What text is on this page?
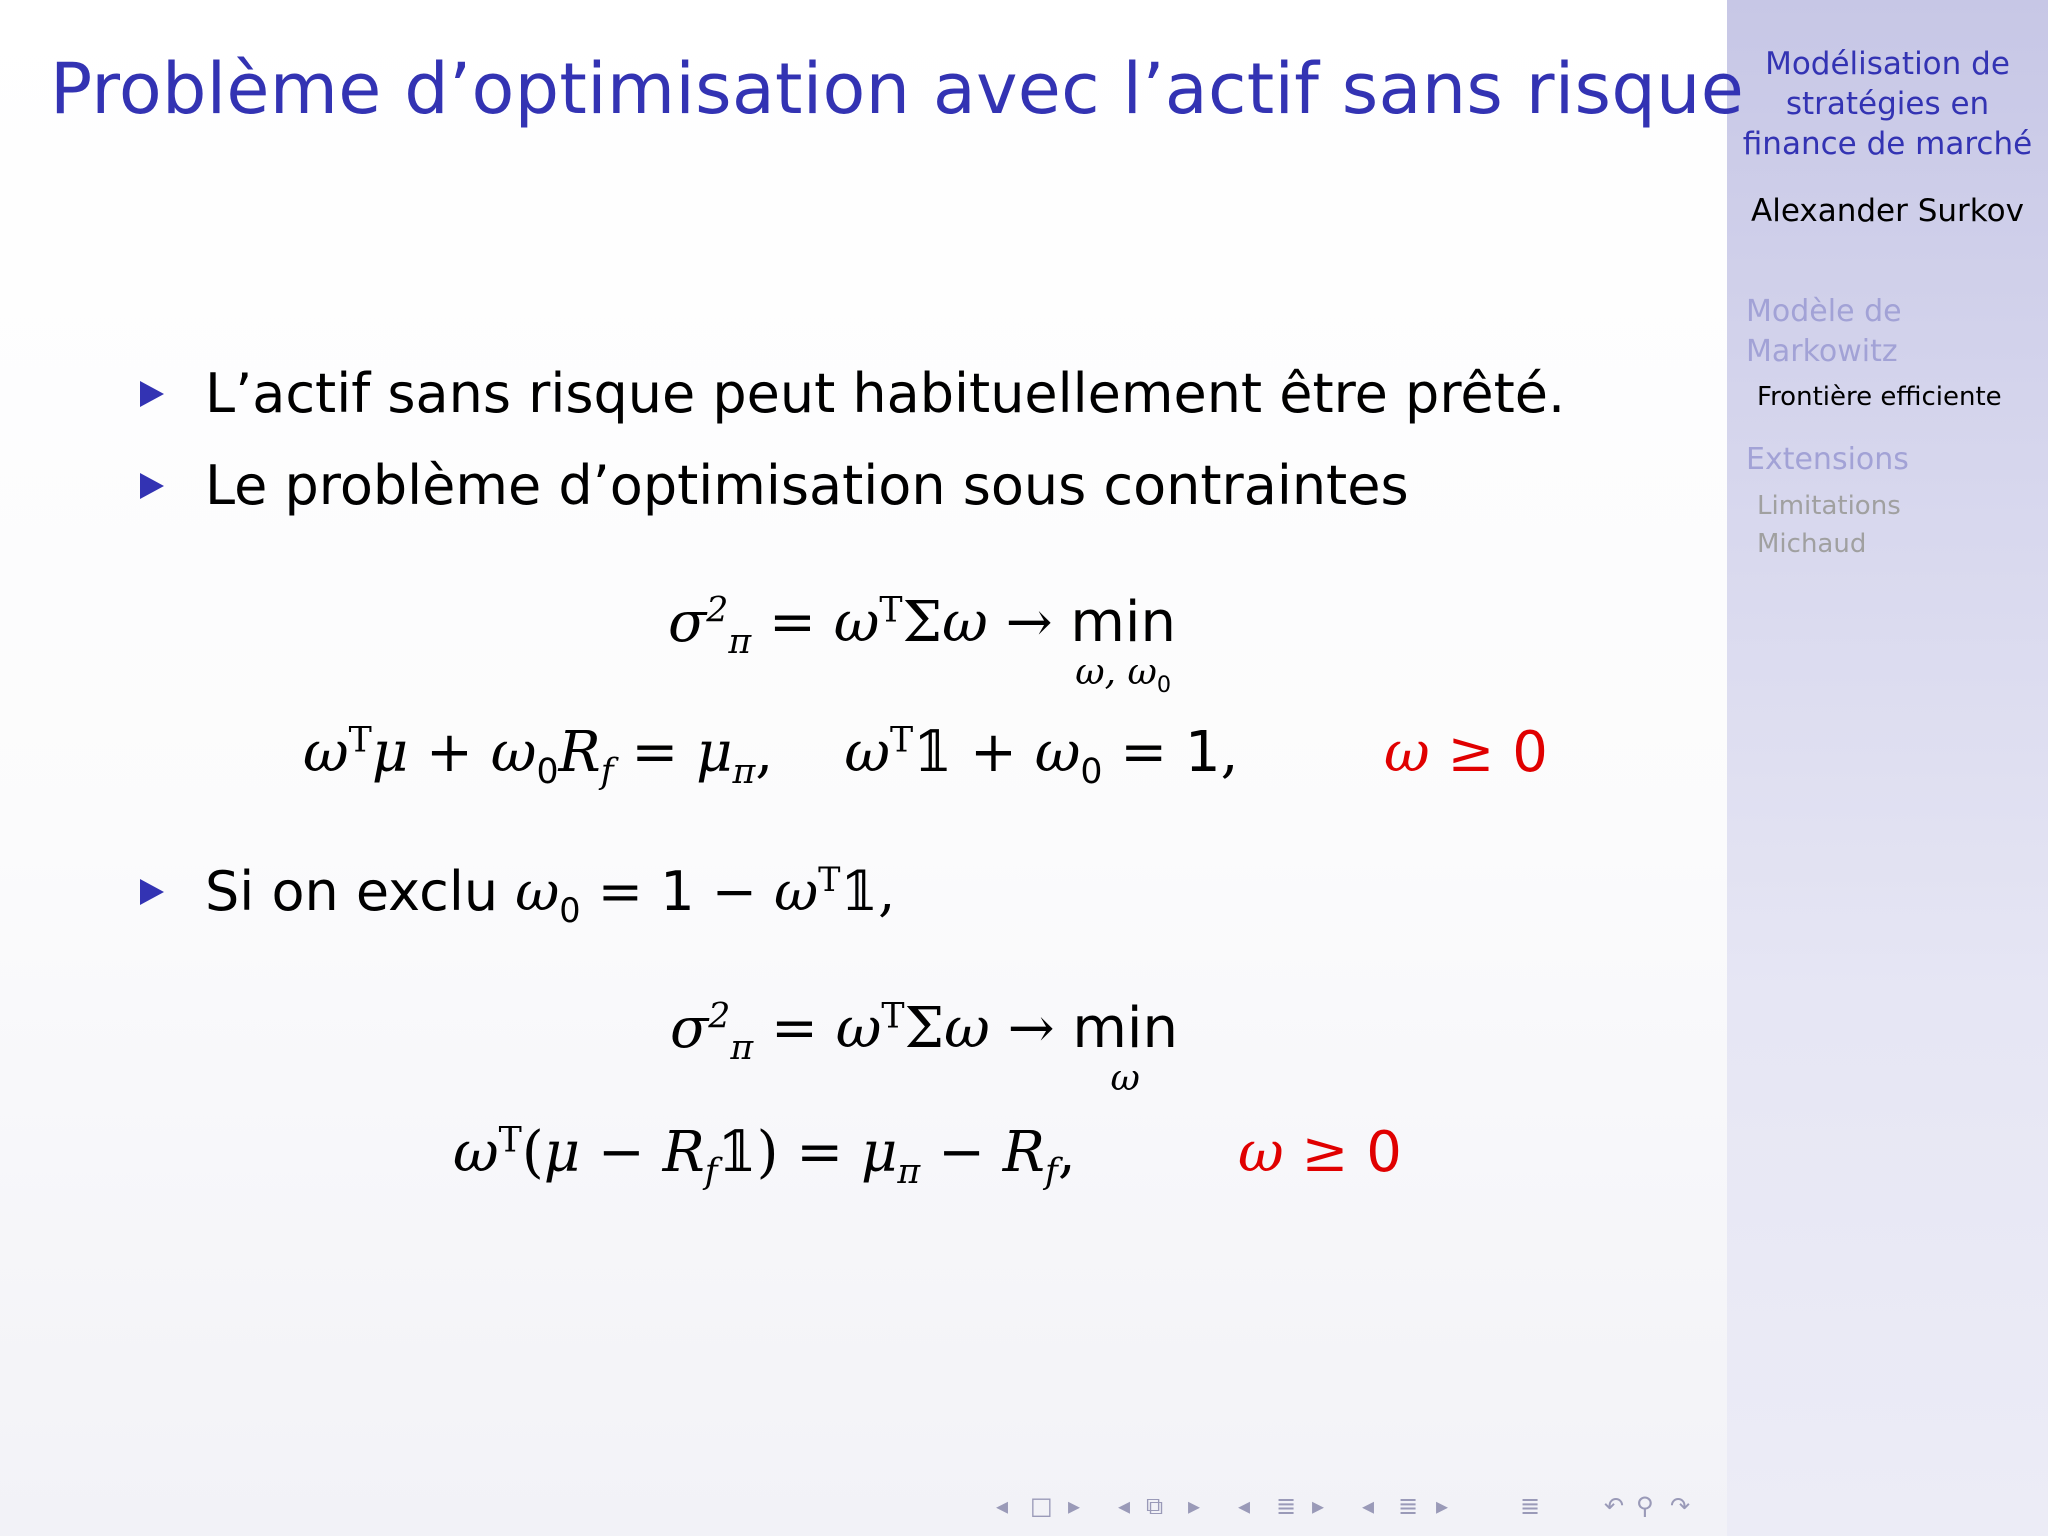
Problème d’optimisation avec l’actif sans risque
L’actif sans risque peut habituellement être prêté.
Le problème d’optimisation sous contraintes
$\sigma^2_\pi = \omega^T\Sigma\omega \to \min$
ω, $\omega_0$
$\omega^T\mu + \omega_0R_f = \mu_\pi$,    $\omega^T𝟙 + \omega_0 = 1$,	ω ≥ 0
Si on exclu $\omega_0 = 1$ − $\omega^T𝟙$,
$\sigma^2_\pi = \omega^T\Sigma\omega \to \min$
ω
$\omega^T(\mu$ − $R_f𝟙) = \mu_\pi - R_f$,	ω ≥ 0
Modélisation de
stratégies en
finance de marché
Alexander Surkov
Modèle de
Markowitz
Frontière efficiente
Extensions
Limitations
Michaud
◂ □ ▸ ◂ ⧉ ▸ ◂ ≣ ▸ ◂ ≣ ▸	≣	↶ ⚲ ↷
